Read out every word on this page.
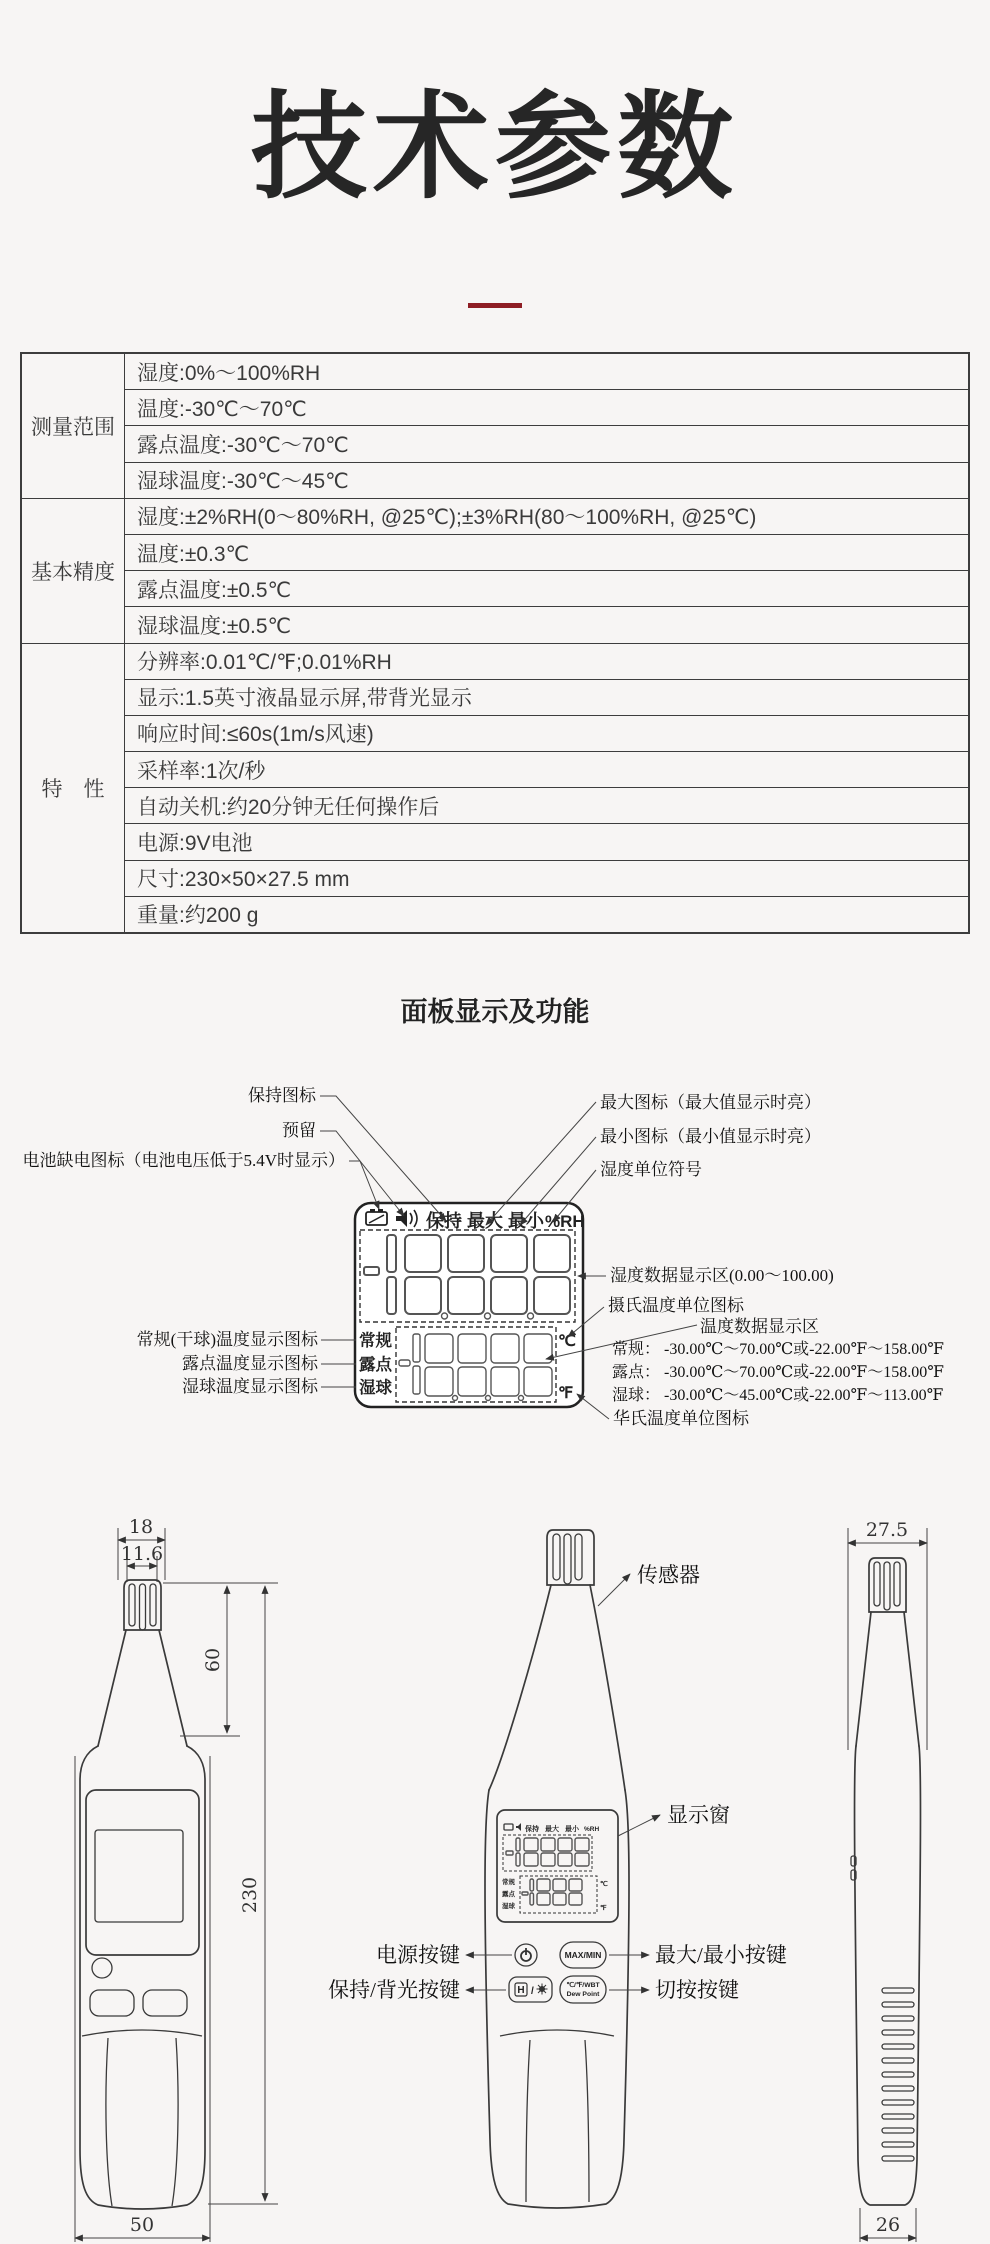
技术参数
测量范围	湿度:0%～100%RH
	温度:-30℃～70℃
	露点温度:-30℃～70℃
	湿球温度:-30℃～45℃
基本精度	湿度:±2%RH(0～80%RH, @25℃);±3%RH(80～100%RH, @25℃)
	温度:±0.3℃
	露点温度:±0.5℃
	湿球温度:±0.5℃
特　性	分辨率:0.01℃/℉;0.01%RH
	显示:1.5英寸液晶显示屏,带背光显示
	响应时间:≤60s(1m/s风速)
	采样率:1次/秒
	自动关机:约20分钟无任何操作后
	电源:9V电池
	尺寸:230×50×27.5 mm
	重量:约200 g
面板显示及功能
保持 最大 最小 %RH
常规
露点
湿球
℃
℉
保持图标
预留
电池缺电图标（电池电压低于5.4V时显示）
最大图标（最大值显示时亮）
最小图标（最小值显示时亮）
湿度单位符号
湿度数据显示区(0.00～100.00)
摄氏温度单位图标
温度数据显示区
常规： -30.00℃～70.00℃或-22.00℉～158.00℉
露点： -30.00℃～70.00℃或-22.00℉～158.00℉
湿球： -30.00℃～45.00℃或-22.00℉～113.00℉
华氏温度单位图标
常规(干球)温度显示图标
露点温度显示图标
湿球温度显示图标
18
11.6
60
230
50
保持 最大 最小 %RH
常规
露点
湿球
℃
℉
MAX/MIN
H /
℃/℉/WBT
Dew Point
传感器
显示窗
电源按键
保持/背光按键
最大/最小按键
切按按键
27.5
26
